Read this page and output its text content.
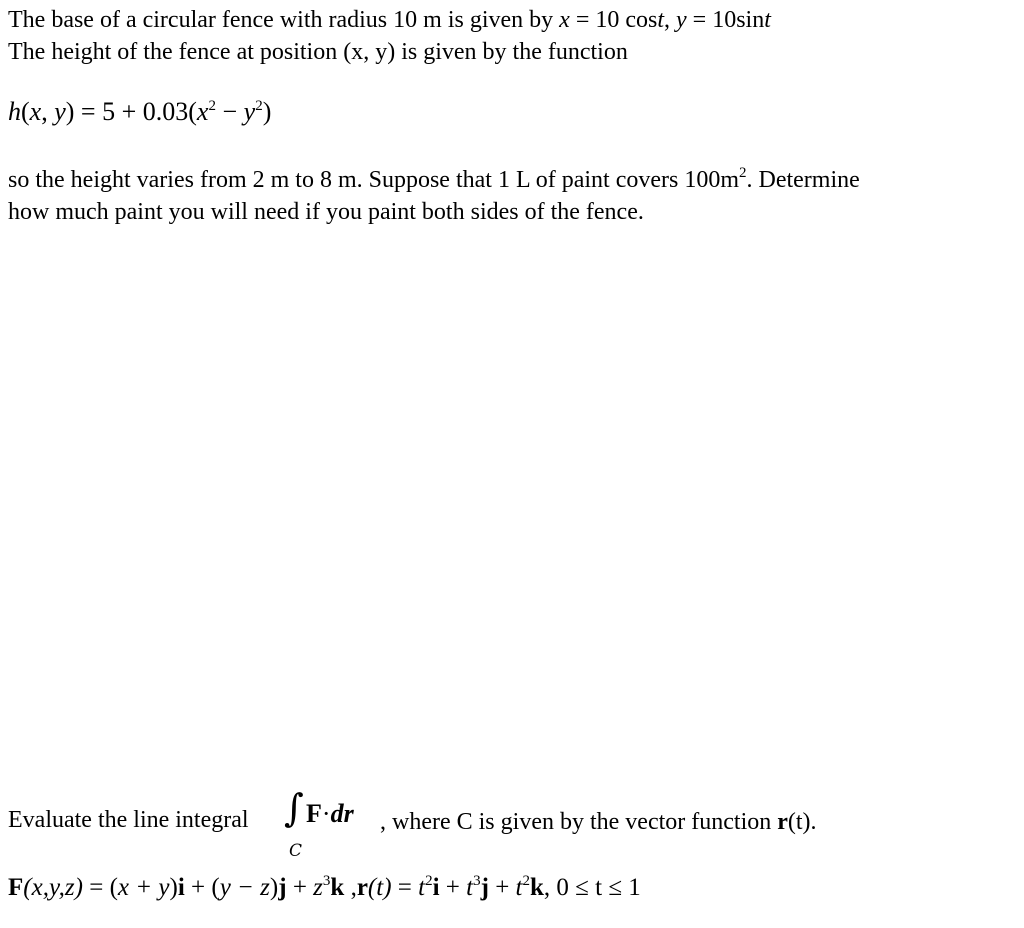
The base of a circular fence with radius 10 m is given by x = 10 cost, y = 10sint
The height of the fence at position (x, y) is given by the function
h(x, $y) = 5 + 0.03(x^2 - y^2)$
so the height varies from 2 m to 8 m. Suppose that 1 L of paint covers $100m^2$. Determine
how much paint you will need if you paint both sides of the fence.
Evaluate the line integral ∫
C
F·dr , where C is given by the vector function r(t).
$F(x,y,z) = (x + y)i + (y - z)j + z^3k$ $,r(t) = t^2i + t^3j + t^2k$, 0 ≤ t ≤ 1
